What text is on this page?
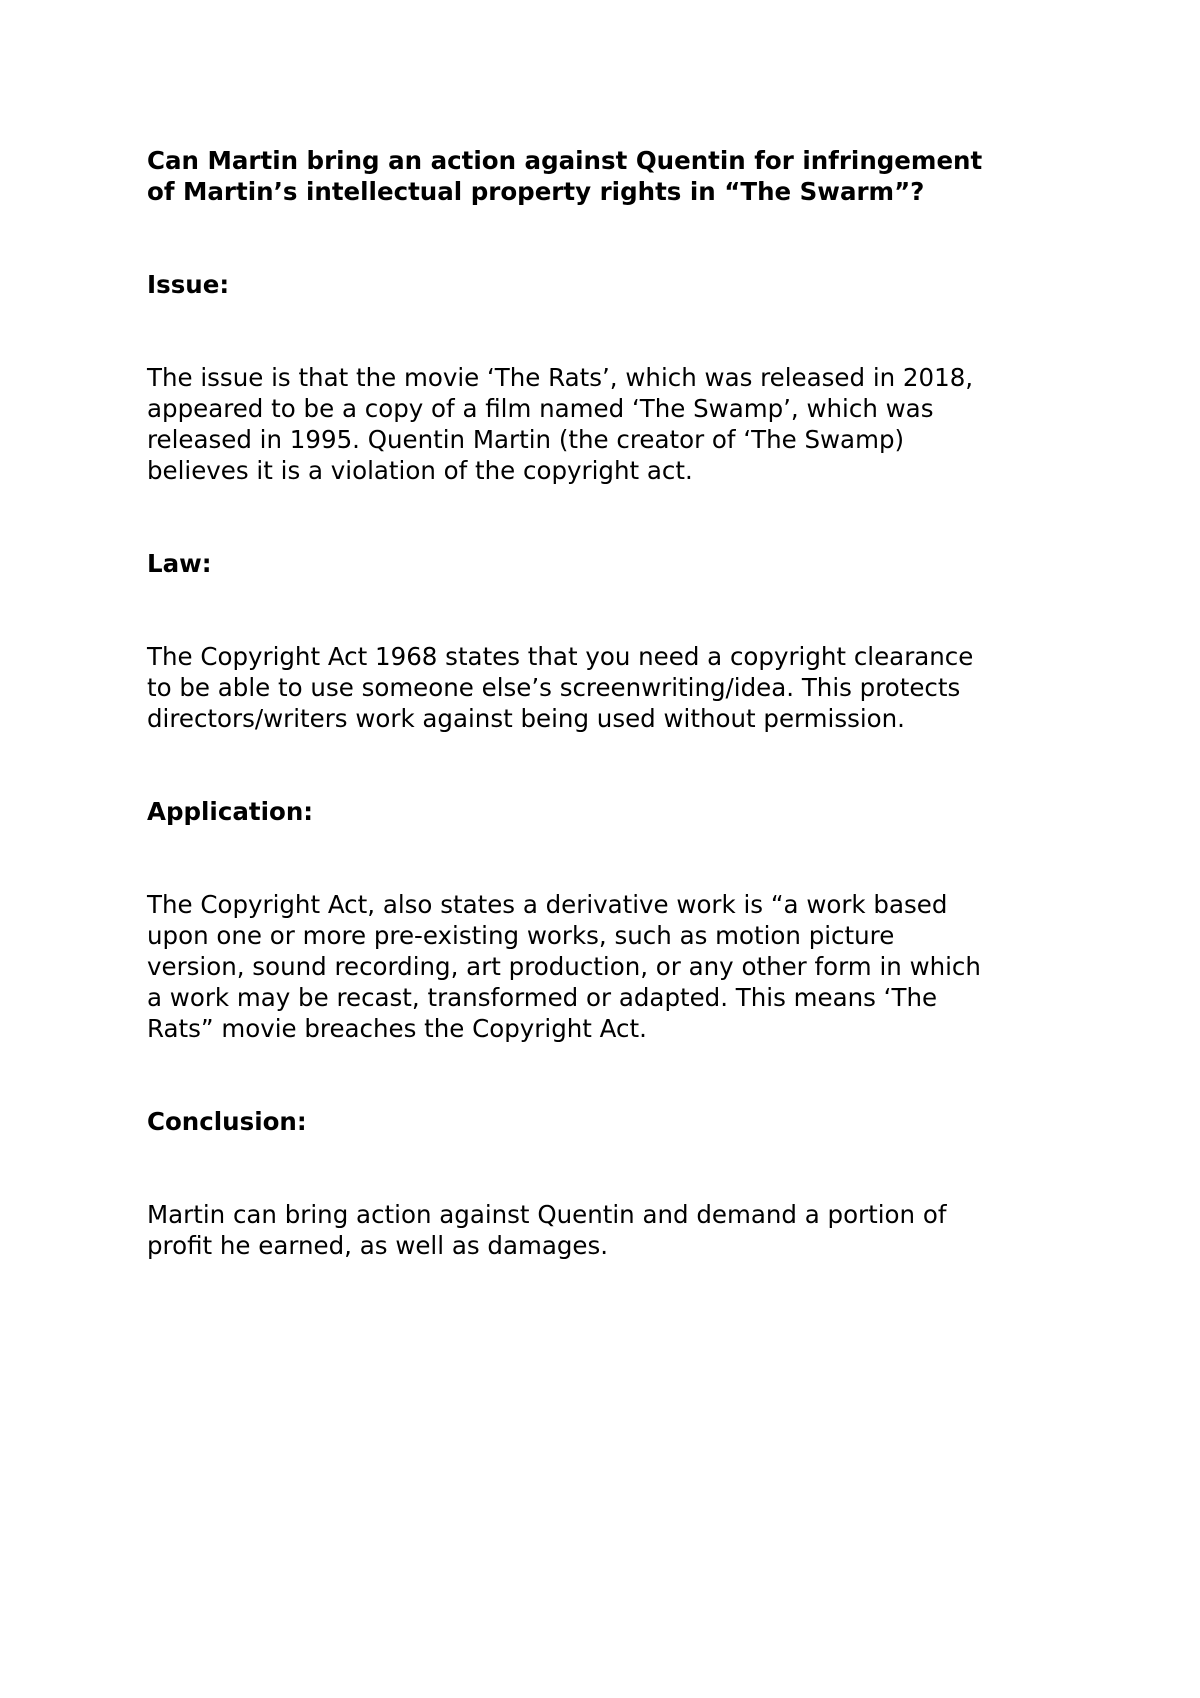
Can Martin bring an action against Quentin for infringement
of Martin’s intellectual property rights in “The Swarm”?

Issue:

The issue is that the movie ‘The Rats’, which was released in 2018,
appeared to be a copy of a film named ‘The Swamp’, which was
released in 1995. Quentin Martin (the creator of ‘The Swamp)
believes it is a violation of the copyright act.

Law:

The Copyright Act 1968 states that you need a copyright clearance
to be able to use someone else’s screenwriting/idea. This protects
directors/writers work against being used without permission.

Application:

The Copyright Act, also states a derivative work is “a work based
upon one or more pre-existing works, such as motion picture
version, sound recording, art production, or any other form in which
a work may be recast, transformed or adapted. This means ‘The
Rats” movie breaches the Copyright Act.

Conclusion:

Martin can bring action against Quentin and demand a portion of
profit he earned, as well as damages.
